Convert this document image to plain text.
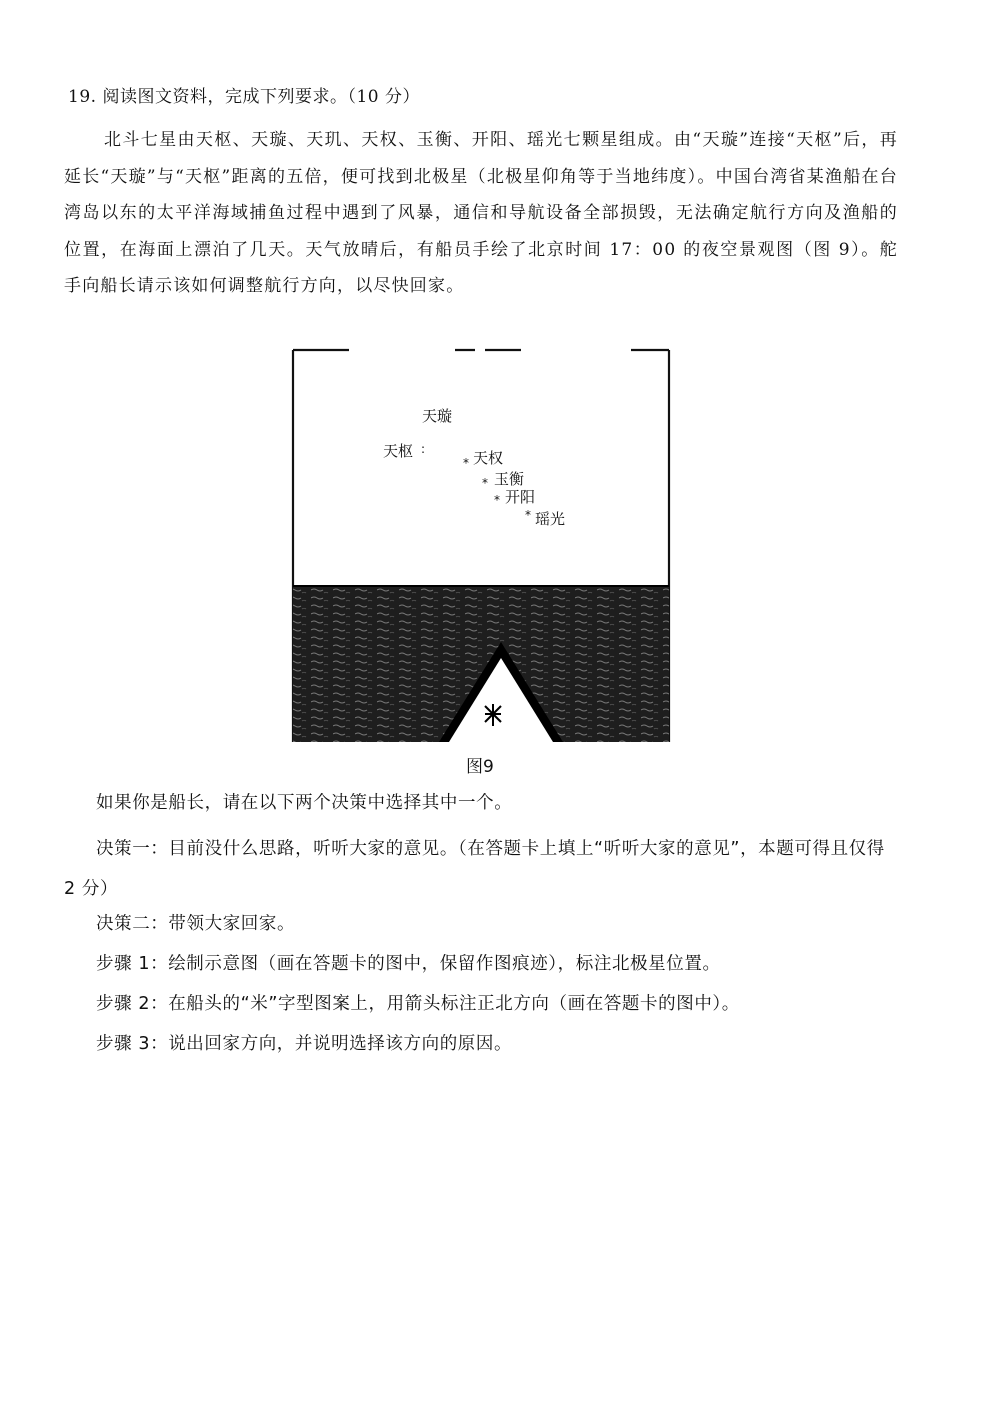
19. 阅读图文资料，完成下列要求。（10 分）
北斗七星由天枢、天璇、天玑、天权、玉衡、开阳、瑶光七颗星组成。由“天璇”连接“天枢”后，再延长“天璇”与“天枢”距离的五倍，便可找到北极星（北极星仰角等于当地纬度）。中国台湾省某渔船在台湾岛以东的太平洋海域捕鱼过程中遇到了风暴，通信和导航设备全部损毁，无法确定航行方向及渔船的位置，在海面上漂泊了几天。天气放晴后，有船员手绘了北京时间 17：00 的夜空景观图（图 9）。舵手向船长请示该如何调整航行方向，以尽快回家。
天璇
天枢 :
* 天权
* 玉衡
* 开阳
* 瑶光
图9
如果你是船长，请在以下两个决策中选择其中一个。
决策一：目前没什么思路，听听大家的意见。（在答题卡上填上“听听大家的意见”，本题可得且仅得 2 分）
决策二：带领大家回家。
步骤 1：绘制示意图（画在答题卡的图中，保留作图痕迹），标注北极星位置。
步骤 2：在船头的“米”字型图案上，用箭头标注正北方向（画在答题卡的图中）。
步骤 3：说出回家方向，并说明选择该方向的原因。
